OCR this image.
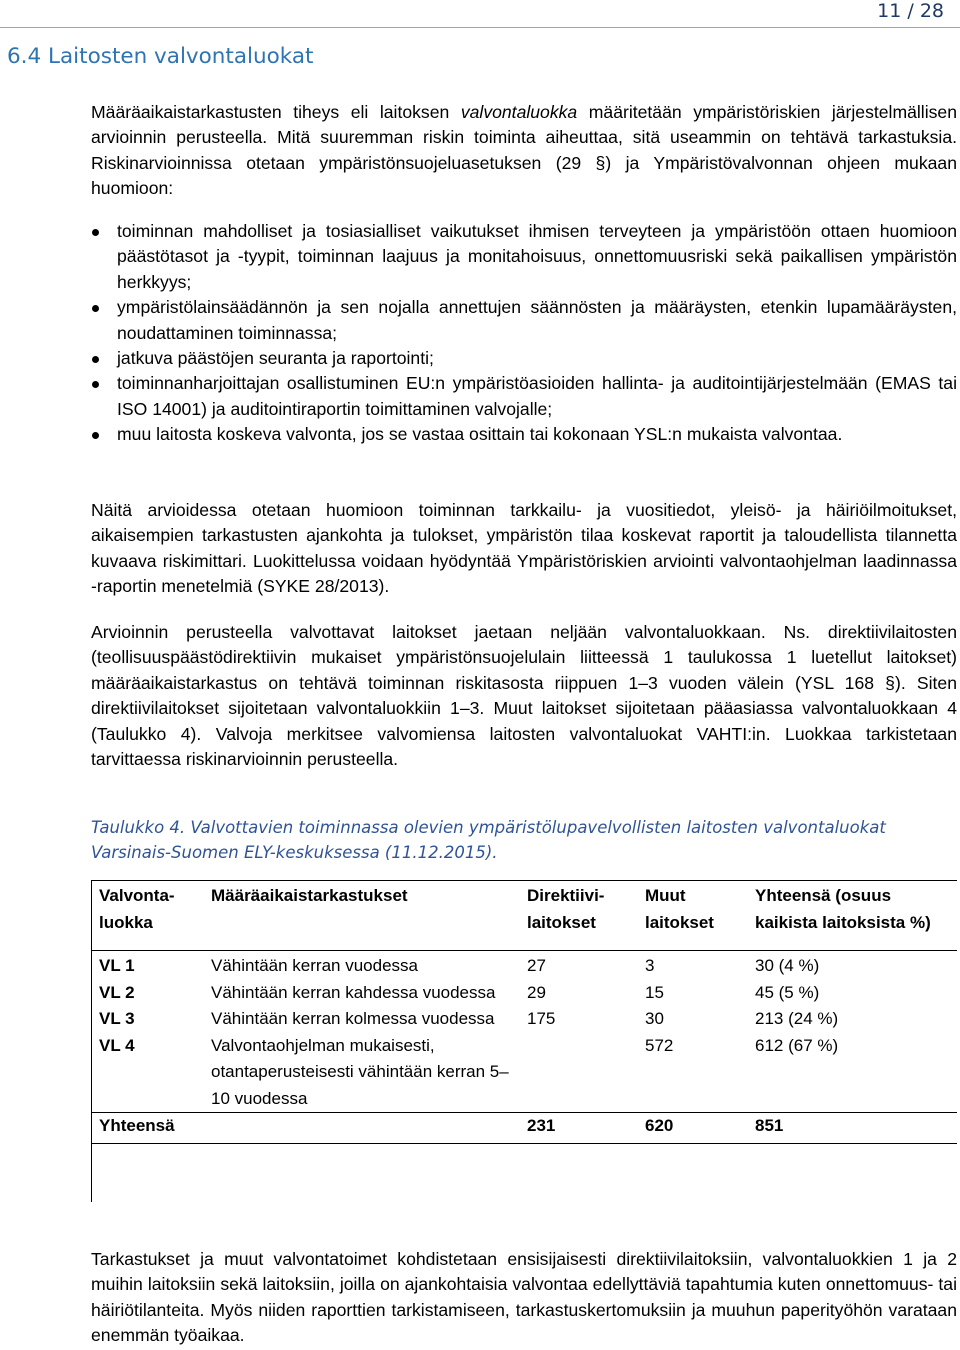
11 / 28
6.4 Laitosten valvontaluokat

Määräaikaistarkastusten tiheys eli laitoksen valvontaluokka määritetään ympäristöriskien järjestelmällisen arvioinnin perusteella. Mitä suuremman riskin toiminta aiheuttaa, sitä useammin on tehtävä tarkastuksia. Riskinarvioinnissa otetaan ympäristönsuojeluasetuksen (29 §) ja Ympäristövalvonnan ohjeen mukaan huomioon:

toiminnan mahdolliset ja tosiasialliset vaikutukset ihmisen terveyteen ja ympäristöön ottaen huomioon päästötasot ja -tyypit, toiminnan laajuus ja monitahoisuus, onnettomuusriski sekä paikallisen ympäristön herkkyys;
ympäristölainsäädännön ja sen nojalla annettujen säännösten ja määräysten, etenkin lupamääräysten, noudattaminen toiminnassa;
jatkuva päästöjen seuranta ja raportointi;
toiminnanharjoittajan osallistuminen EU:n ympäristöasioiden hallinta- ja auditointijärjestelmään (EMAS tai ISO 14001) ja auditointiraportin toimittaminen valvojalle;
muu laitosta koskeva valvonta, jos se vastaa osittain tai kokonaan YSL:n mukaista valvontaa.

Näitä arvioidessa otetaan huomioon toiminnan tarkkailu- ja vuositiedot, yleisö- ja häiriöilmoitukset, aikaisempien tarkastusten ajankohta ja tulokset, ympäristön tilaa koskevat raportit ja taloudellista tilannetta kuvaava riskimittari. Luokittelussa voidaan hyödyntää Ympäristöriskien arviointi valvontaohjelman laadinnassa -raportin menetelmiä (SYKE 28/2013).

Arvioinnin perusteella valvottavat laitokset jaetaan neljään valvontaluokkaan. Ns. direktiivilaitosten (teollisuuspäästödirektiivin mukaiset ympäristönsuojelulain liitteessä 1 taulukossa 1 luetellut laitokset) määräaikaistarkastus on tehtävä toiminnan riskitasosta riippuen 1–3 vuoden välein (YSL 168 §). Siten direktiivilaitokset sijoitetaan valvontaluokkiin 1–3. Muut laitokset sijoitetaan pääasiassa valvontaluokkaan 4 (Taulukko 4). Valvoja merkitsee valvomiensa laitosten valvontaluokat VAHTI:in. Luokkaa tarkistetaan tarvittaessa riskinarvioinnin perusteella.

Taulukko 4. Valvottavien toiminnassa olevien ympäristölupavelvollisten laitosten valvontaluokat Varsinais-Suomen ELY-keskuksessa (11.12.2015).

Valvonta-luokka	Määräaikaistarkastukset	Direktiivi-laitokset	Muut laitokset	Yhteensä (osuus kaikista laitoksista %)
VL 1	Vähintään kerran vuodessa	27	3	30 (4 %)
VL 2	Vähintään kerran kahdessa vuodessa	29	15	45 (5 %)
VL 3	Vähintään kerran kolmessa vuodessa	175	30	213 (24 %)
VL 4	Valvontaohjelman mukaisesti, otantaperusteisesti vähintään kerran 5–10 vuodessa		572	612 (67 %)
Yhteensä		231	620	851

Tarkastukset ja muut valvontatoimet kohdistetaan ensisijaisesti direktiivilaitoksiin, valvontaluokkien 1 ja 2 muihin laitoksiin sekä laitoksiin, joilla on ajankohtaisia valvontaa edellyttäviä tapahtumia kuten onnettomuus- tai häiriötilanteita. Myös niiden raporttien tarkistamiseen, tarkastuskertomuksiin ja muuhun paperityöhön varataan enemmän työaikaa.
